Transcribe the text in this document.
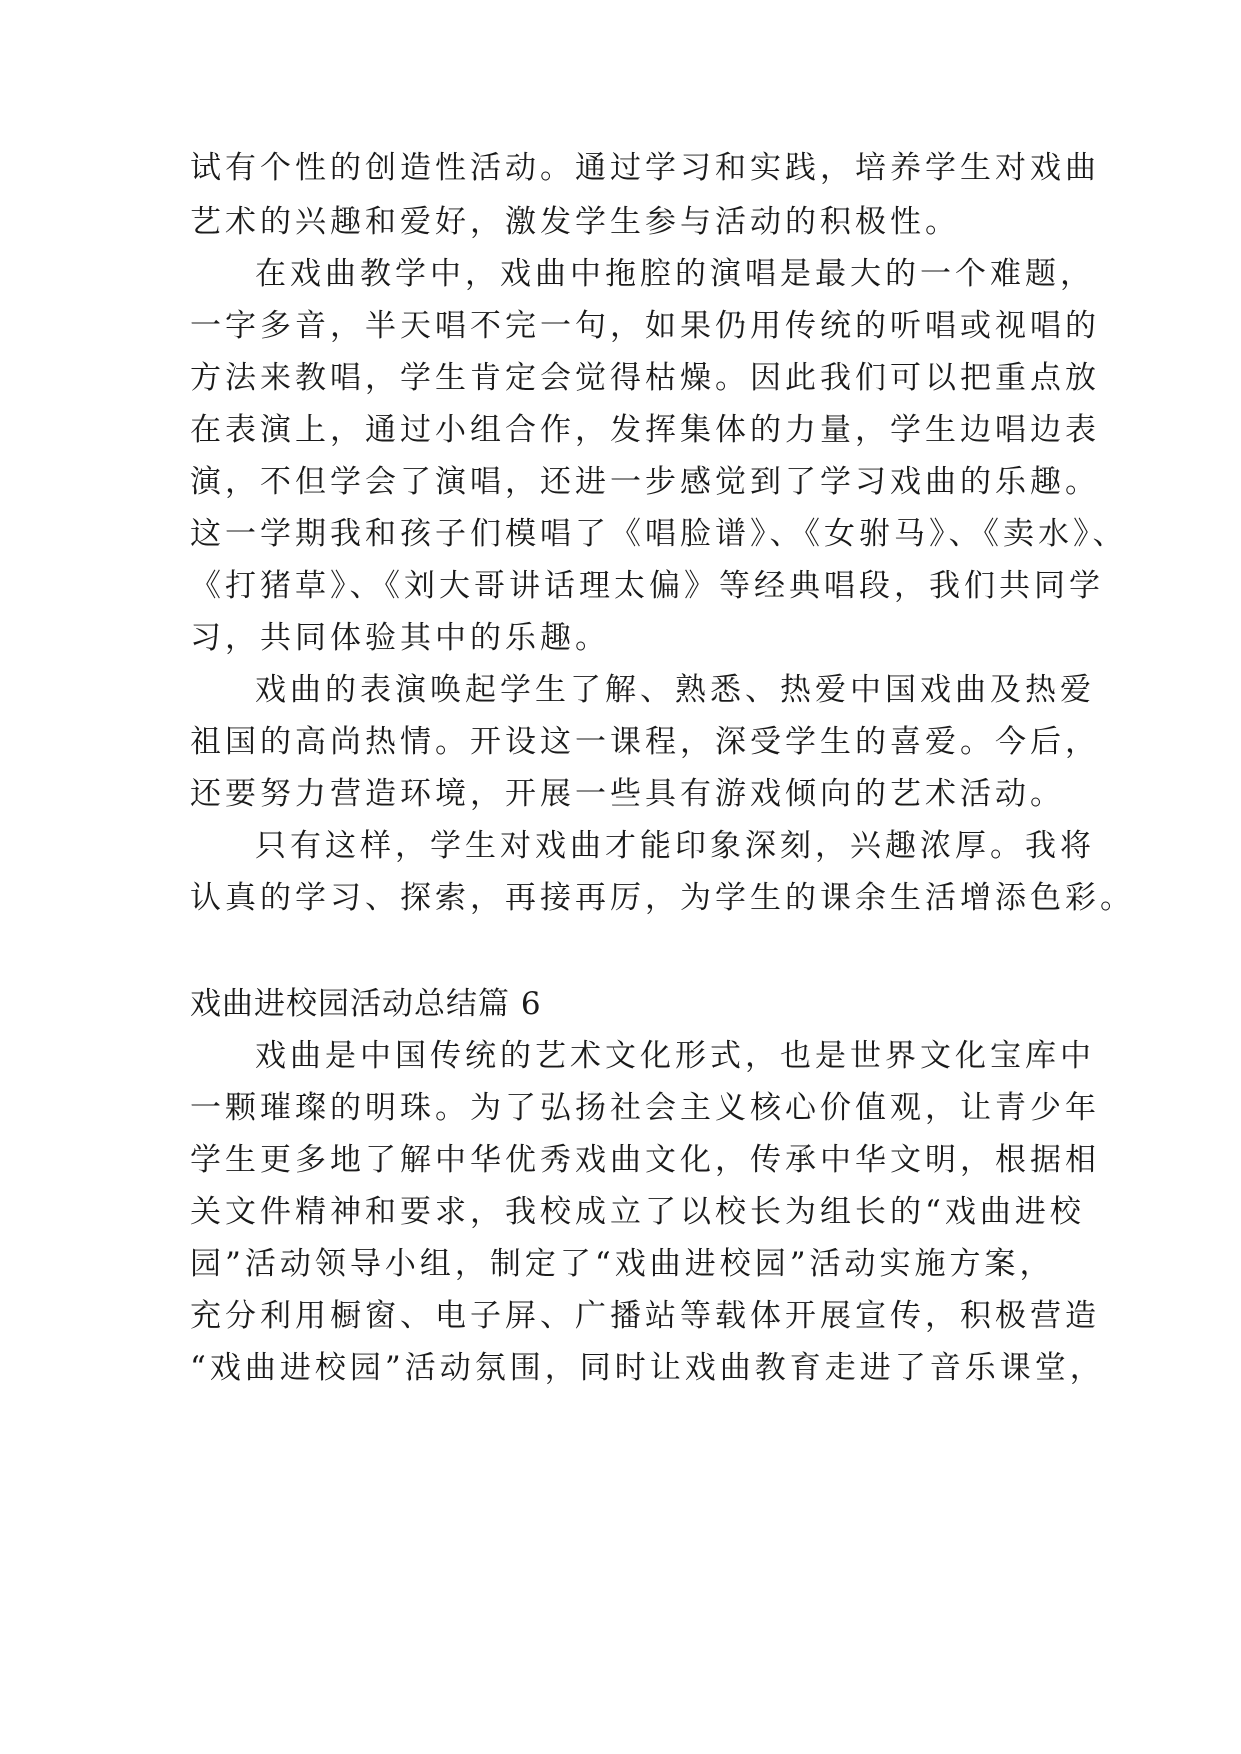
试有个性的创造性活动。通过学习和实践，培养学生对戏曲
艺术的兴趣和爱好，激发学生参与活动的积极性。
在戏曲教学中，戏曲中拖腔的演唱是最大的一个难题，
一字多音，半天唱不完一句，如果仍用传统的听唱或视唱的
方法来教唱，学生肯定会觉得枯燥。因此我们可以把重点放
在表演上，通过小组合作，发挥集体的力量，学生边唱边表
演，不但学会了演唱，还进一步感觉到了学习戏曲的乐趣。
这一学期我和孩子们模唱了《唱脸谱》、《女驸马》、《卖水》、
《打猪草》、《刘大哥讲话理太偏》等经典唱段，我们共同学
习，共同体验其中的乐趣。
戏曲的表演唤起学生了解、熟悉、热爱中国戏曲及热爱
祖国的高尚热情。开设这一课程，深受学生的喜爱。今后，
还要努力营造环境，开展一些具有游戏倾向的艺术活动。
只有这样，学生对戏曲才能印象深刻，兴趣浓厚。我将
认真的学习、探索，再接再厉，为学生的课余生活增添色彩。
戏曲进校园活动总结篇 6
戏曲是中国传统的艺术文化形式，也是世界文化宝库中
一颗璀璨的明珠。为了弘扬社会主义核心价值观，让青少年
学生更多地了解中华优秀戏曲文化，传承中华文明，根据相
关文件精神和要求，我校成立了以校长为组长的“戏曲进校
园”活动领导小组，制定了“戏曲进校园”活动实施方案，
充分利用橱窗、电子屏、广播站等载体开展宣传，积极营造
“戏曲进校园”活动氛围，同时让戏曲教育走进了音乐课堂，
